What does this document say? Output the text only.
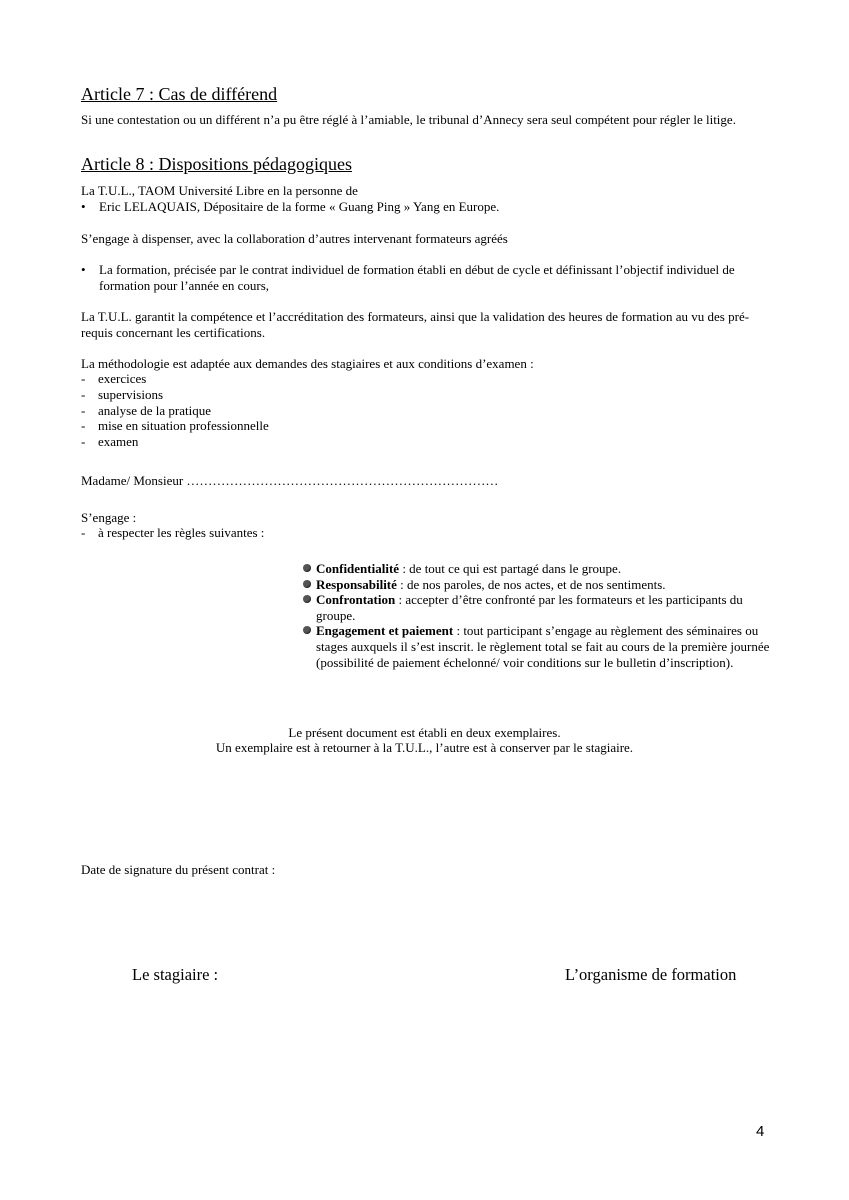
Article 7 : Cas de différend
Si une contestation ou un différent n’a pu être réglé à l’amiable, le tribunal d’Annecy sera seul compétent pour régler le litige.
Article 8 : Dispositions pédagogiques
La T.U.L., TAOM Université Libre en la personne de
•	Eric LELAQUAIS, Dépositaire de la forme « Guang Ping » Yang en Europe.
S’engage à dispenser, avec la collaboration d’autres intervenant formateurs agréés
•	La formation, précisée par le contrat individuel de formation établi en début de cycle et définissant l’objectif individuel de formation pour l’année en cours,
La T.U.L. garantit la compétence et l’accréditation des formateurs, ainsi que la validation des heures de formation au vu des pré-requis concernant les certifications.
La méthodologie est adaptée aux demandes des stagiaires et aux conditions d’examen :
- exercices
- supervisions
- analyse de la pratique
- mise en situation professionnelle
- examen
Madame/ Monsieur ………………………………………………………………
S’engage :
- à respecter les règles suivantes :
Confidentialité : de tout ce qui est partagé dans le groupe.
Responsabilité : de nos paroles, de nos actes, et de nos sentiments.
Confrontation : accepter d’être confronté par les formateurs et les participants du groupe.
Engagement et paiement : tout participant s’engage au règlement des séminaires ou stages auxquels il s’est inscrit. le règlement total se fait au cours de la première journée (possibilité de paiement échelonné/ voir conditions sur le bulletin d’inscription).
Le présent document est établi en deux exemplaires.
Un exemplaire est à retourner à la T.U.L., l’autre est à conserver par le stagiaire.
Date de signature du présent contrat :
Le stagiaire :	L’organisme de formation
4
